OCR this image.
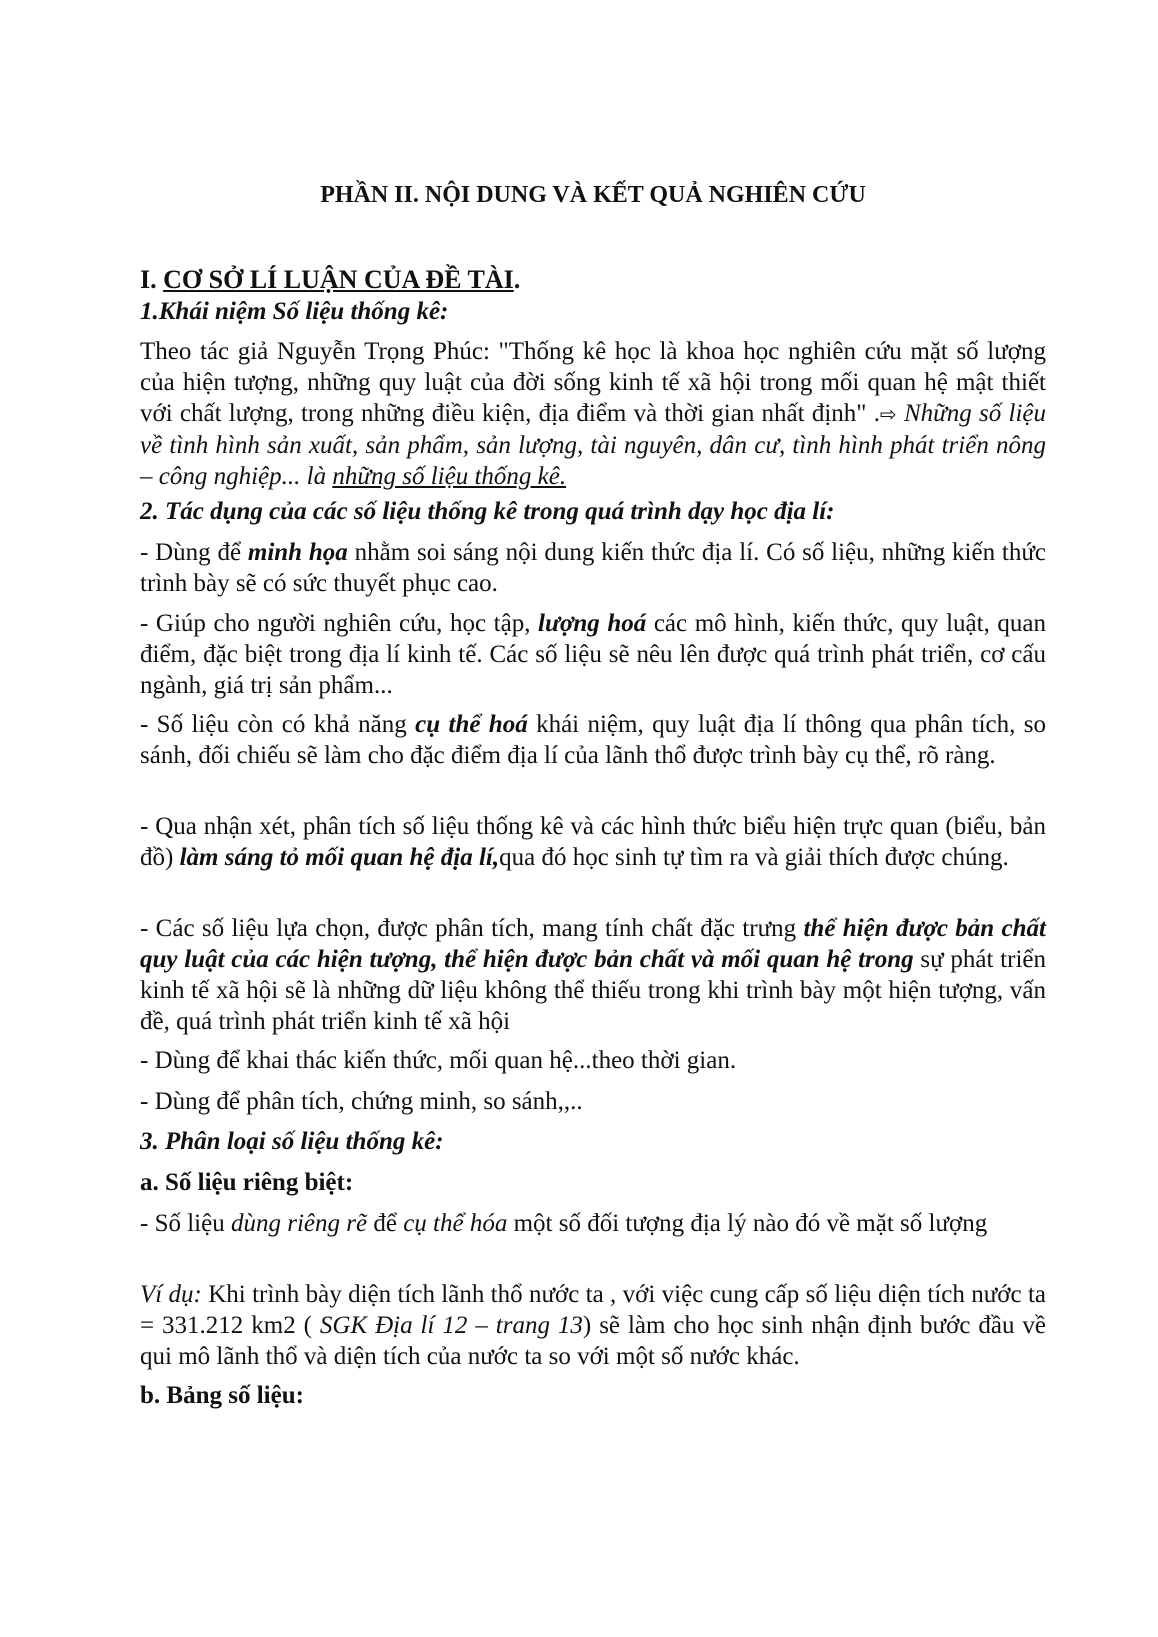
PHẦN II. NỘI DUNG VÀ KẾT QUẢ NGHIÊN CỨU

I. CƠ SỞ LÍ LUẬN CỦA ĐỀ TÀI.

1.Khái niệm Số liệu thống kê:

Theo tác giả Nguyễn Trọng Phúc: "Thống kê học là khoa học nghiên cứu mặt số lượng của hiện tượng, những quy luật của đời sống kinh tế xã hội trong mối quan hệ mật thiết với chất lượng, trong những điều kiện, địa điểm và thời gian nhất định" .⇨ Những số liệu về tình hình sản xuất, sản phẩm, sản lượng, tài nguyên, dân cư, tình hình phát triển nông – công nghiệp... là những số liệu thống kê.

2. Tác dụng của các số liệu thống kê trong quá trình dạy học địa lí:

- Dùng để minh họa nhằm soi sáng nội dung kiến thức địa lí. Có số liệu, những kiến thức trình bày sẽ có sức thuyết phục cao.

- Giúp cho người nghiên cứu, học tập, lượng hoá các mô hình, kiến thức, quy luật, quan điểm, đặc biệt trong địa lí kinh tế. Các số liệu sẽ nêu lên được quá trình phát triển, cơ cấu ngành, giá trị sản phẩm...

- Số liệu còn có khả năng cụ thể hoá khái niệm, quy luật địa lí thông qua phân tích, so sánh, đối chiếu sẽ làm cho đặc điểm địa lí của lãnh thổ được trình bày cụ thể, rõ ràng.

- Qua nhận xét, phân tích số liệu thống kê và các hình thức biểu hiện trực quan (biểu, bản đồ) làm sáng tỏ mối quan hệ địa lí,qua đó học sinh tự tìm ra và giải thích được chúng.

- Các số liệu lựa chọn, được phân tích, mang tính chất đặc trưng thể hiện được bản chất quy luật của các hiện tượng, thể hiện được bản chất và mối quan hệ trong sự phát triển kinh tế xã hội sẽ là những dữ liệu không thể thiếu trong khi trình bày một hiện tượng, vấn đề, quá trình phát triển kinh tế xã hội

- Dùng để khai thác kiến thức, mối quan hệ...theo thời gian.

- Dùng để phân tích, chứng minh, so sánh,,..

3. Phân loại số liệu thống kê:

a. Số liệu riêng biệt:

- Số liệu dùng riêng rẽ để cụ thể hóa một số đối tượng địa lý nào đó về mặt số lượng

Ví dụ: Khi trình bày diện tích lãnh thổ nước ta , với việc cung cấp số liệu diện tích nước ta = 331.212 km2 ( SGK Địa lí 12 – trang 13) sẽ làm cho học sinh nhận định bước đầu về qui mô lãnh thổ và diện tích của nước ta so với một số nước khác.

b. Bảng số liệu:
